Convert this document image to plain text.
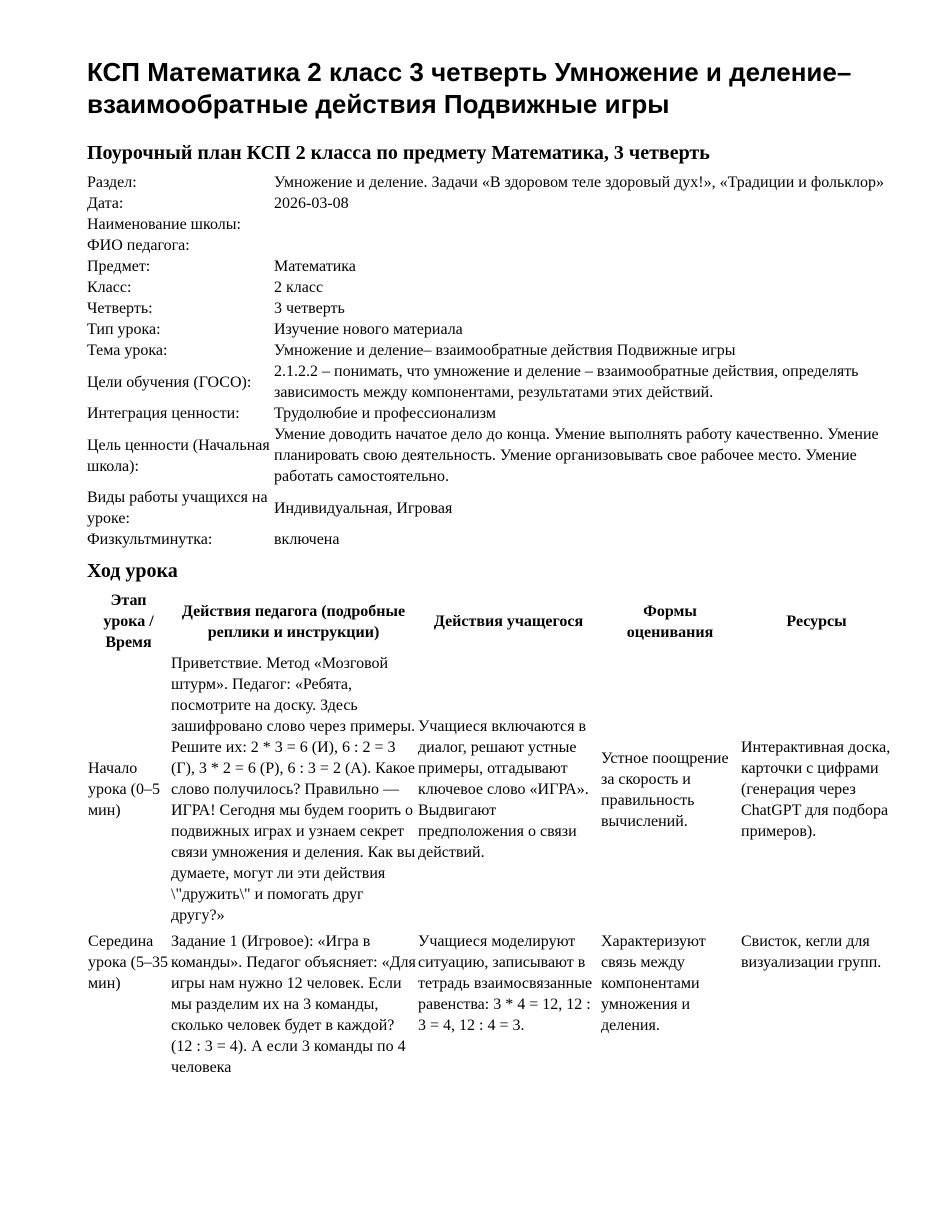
КСП Математика 2 класс 3 четверть Умножение и деление– взаимообратные действия Подвижные игры
Поурочный план КСП 2 класса по предмету Математика, 3 четверть
Раздел:	Умножение и деление. Задачи «В здоровом теле здоровый дух!», «Традиции и фольклор»
Дата:	2026-03-08
Наименование школы:	
ФИО педагога:	
Предмет:	Математика
Класс:	2 класс
Четверть:	3 четверть
Тип урока:	Изучение нового материала
Тема урока:	Умножение и деление– взаимообратные действия Подвижные игры
Цели обучения (ГОСО):	2.1.2.2 – понимать, что умножение и деление – взаимообратные действия, определять зависимость между компонентами, результатами этих действий.
Интеграция ценности:	Трудолюбие и профессионализм
Цель ценности (Начальная школа):	Умение доводить начатое дело до конца. Умение выполнять работу качественно. Умение планировать свою деятельность. Умение организовывать свое рабочее место. Умение работать самостоятельно.
Виды работы учащихся на уроке:	Индивидуальная, Игровая
Физкультминутка:	включена
Ход урока
Этап урока / Время	Действия педагога (подробные реплики и инструкции)	Действия учащегося	Формы оценивания	Ресурсы
Начало урока (0–5 мин)	Приветствие. Метод «Мозговой штурм». Педагог: «Ребята, посмотрите на доску. Здесь зашифровано слово через примеры. Решите их: 2 * 3 = 6 (И), 6 : 2 = 3 (Г), 3 * 2 = 6 (Р), 6 : 3 = 2 (А). Какое слово получилось? Правильно — ИГРА! Сегодня мы будем гоорить о подвижных играх и узнаем секрет связи умножения и деления. Как вы думаете, могут ли эти действия \"дружить\" и помогать друг другу?»	Учащиеся включаются в диалог, решают устные примеры, отгадывают ключевое слово «ИГРА». Выдвигают предположения о связи действий.	Устное поощрение за скорость и правильность вычислений.	Интерактивная доска, карточки с цифрами (генерация через ChatGPT для подбора примеров).
Середина урока (5–35 мин)	Задание 1 (Игровое): «Игра в команды». Педагог объясняет: «Для игры нам нужно 12 человек. Если мы разделим их на 3 команды, сколько человек будет в каждой? (12 : 3 = 4). А если 3 команды по 4 человека	Учащиеся моделируют ситуацию, записывают в тетрадь взаимосвязанные равенства: 3 * 4 = 12, 12 : 3 = 4, 12 : 4 = 3.	Характеризуют связь между компонентами умножения и деления.	Свисток, кегли для визуализации групп.
